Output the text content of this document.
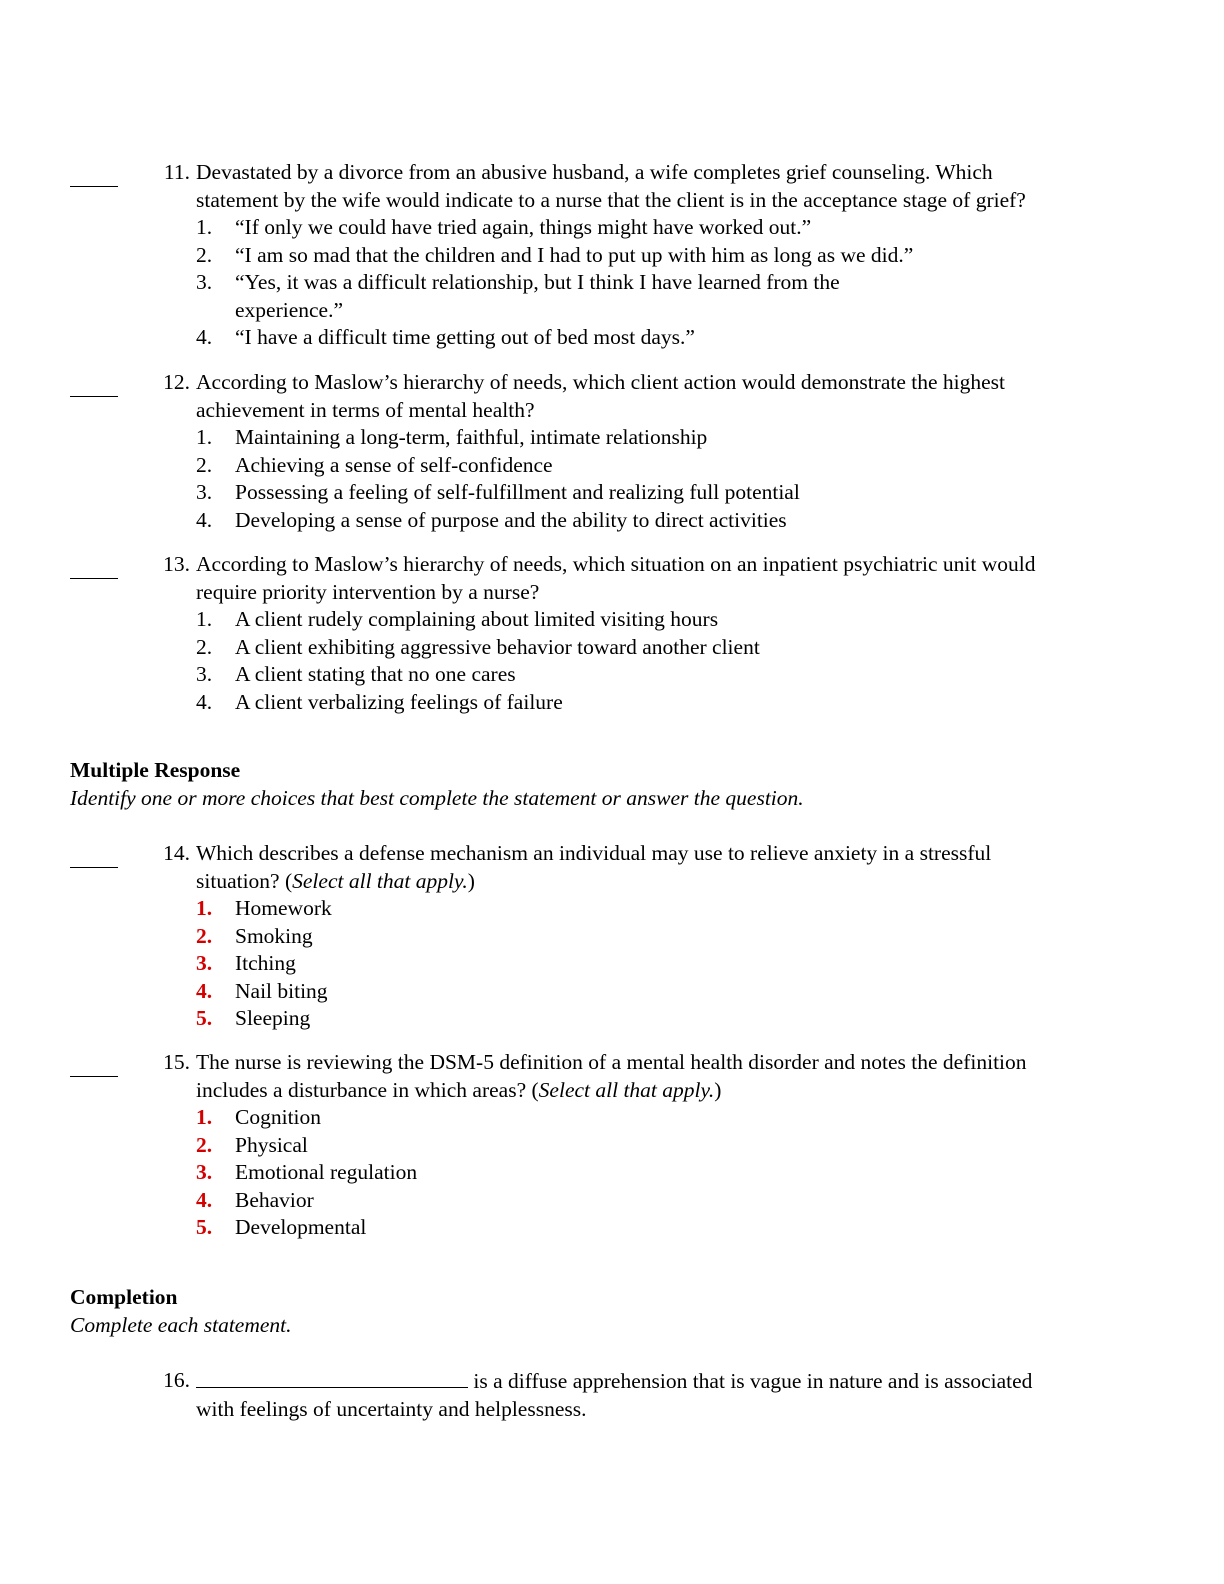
11. Devastated by a divorce from an abusive husband, a wife completes grief counseling. Which
statement by the wife would indicate to a nurse that the client is in the acceptance stage of grief?
1. “If only we could have tried again, things might have worked out.”
2. “I am so mad that the children and I had to put up with him as long as we did.”
3. “Yes, it was a difficult relationship, but I think I have learned from the
experience.”
4. “I have a difficult time getting out of bed most days.”
12. According to Maslow’s hierarchy of needs, which client action would demonstrate the highest
achievement in terms of mental health?
1. Maintaining a long-term, faithful, intimate relationship
2. Achieving a sense of self-confidence
3. Possessing a feeling of self-fulfillment and realizing full potential
4. Developing a sense of purpose and the ability to direct activities
13. According to Maslow’s hierarchy of needs, which situation on an inpatient psychiatric unit would
require priority intervention by a nurse?
1. A client rudely complaining about limited visiting hours
2. A client exhibiting aggressive behavior toward another client
3. A client stating that no one cares
4. A client verbalizing feelings of failure
Multiple Response
Identify one or more choices that best complete the statement or answer the question.
14. Which describes a defense mechanism an individual may use to relieve anxiety in a stressful
situation? (Select all that apply.)
1. Homework
2. Smoking
3. Itching
4. Nail biting
5. Sleeping
15. The nurse is reviewing the DSM-5 definition of a mental health disorder and notes the definition
includes a disturbance in which areas? (Select all that apply.)
1. Cognition
2. Physical
3. Emotional regulation
4. Behavior
5. Developmental
Completion
Complete each statement.
16.	is a diffuse apprehension that is vague in nature and is associated
with feelings of uncertainty and helplessness.
